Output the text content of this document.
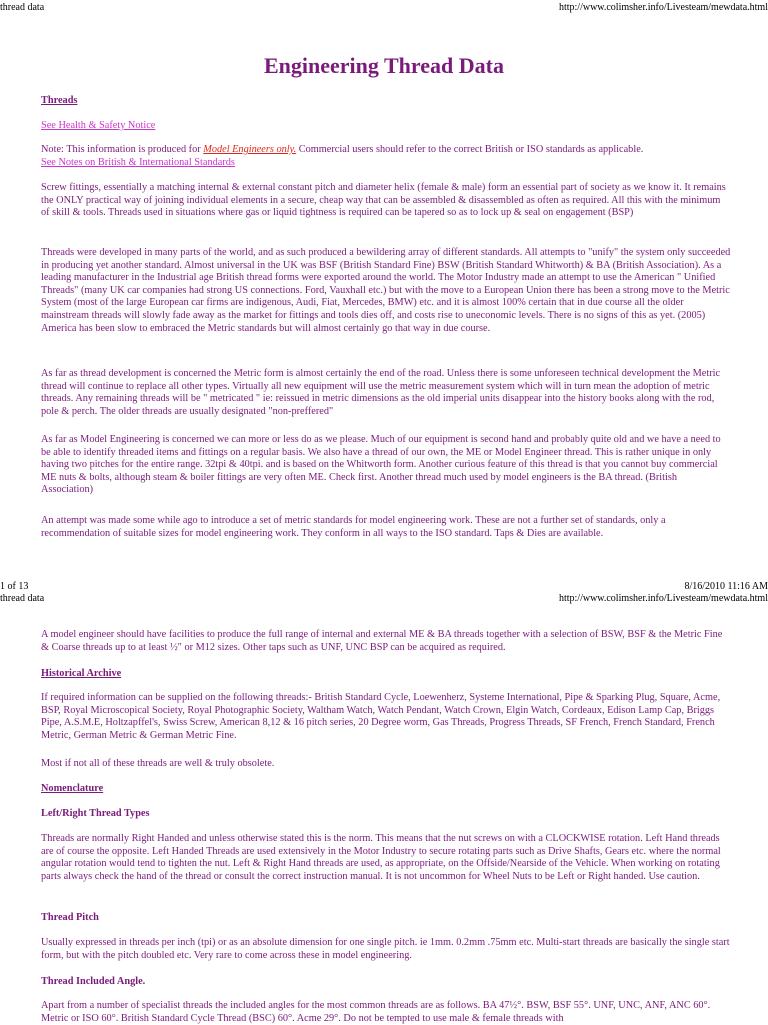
thread data	http://www.colimsher.info/Livesteam/mewdata.html
Engineering Thread Data
Threads
See Health & Safety Notice
Note: This information is produced for Model Engineers only. Commercial users should refer to the correct British or ISO standards as applicable.
See Notes on British & International Standards
Screw fittings, essentially a matching internal & external constant pitch and diameter helix (female & male) form an essential part of society as we know it. It remains the ONLY practical way of joining individual elements in a secure, cheap way that can be assembled & disassembled as often as required. All this with the minimum of skill & tools. Threads used in situations where gas or liquid tightness is required can be tapered so as to lock up & seal on engagement (BSP)
Threads were developed in many parts of the world, and as such produced a bewildering array of different standards. All attempts to "unify" the system only succeeded in producing yet another standard. Almost universal in the UK was BSF (British Standard Fine) BSW (British Standard Whitworth) & BA (British Association). As a leading manufacturer in the Industrial age British thread forms were exported around the world. The Motor Industry made an attempt to use the American " Unified Threads" (many UK car companies had strong US connections. Ford, Vauxhall etc.) but with the move to a European Union there has been a strong move to the Metric System (most of the large European car firms are indigenous, Audi, Fiat, Mercedes, BMW) etc. and it is almost 100% certain that in due course all the older mainstream threads will slowly fade away as the market for fittings and tools dies off, and costs rise to uneconomic levels. There is no signs of this as yet. (2005) America has been slow to embraced the Metric standards but will almost certainly go that way in due course.
As far as thread development is concerned the Metric form is almost certainly the end of the road. Unless there is some unforeseen technical development the Metric thread will continue to replace all other types. Virtually all new equipment will use the metric measurement system which will in turn mean the adoption of metric threads. Any remaining threads will be " metricated " ie: reissued in metric dimensions as the old imperial units disappear into the history books along with the rod, pole & perch. The older threads are usually designated "non-preffered"
As far as Model Engineering is concerned we can more or less do as we please. Much of our equipment is second hand and probably quite old and we have a need to be able to identify threaded items and fittings on a regular basis. We also have a thread of our own, the ME or Model Engineer thread. This is rather unique in only having two pitches for the entire range. 32tpi & 40tpi. and is based on the Whitworth form. Another curious feature of this thread is that you cannot buy commercial ME nuts & bolts, although steam & boiler fittings are very often ME. Check first. Another thread much used by model engineers is the BA thread. (British Association)
An attempt was made some while ago to introduce a set of metric standards for model engineering work. These are not a further set of standards, only a recommendation of suitable sizes for model engineering work. They conform in all ways to the ISO standard. Taps & Dies are available.
1 of 13	8/16/2010 11:16 AM
thread data	http://www.colimsher.info/Livesteam/mewdata.html
A model engineer should have facilities to produce the full range of internal and external ME & BA threads together with a selection of BSW, BSF & the Metric Fine & Coarse threads up to at least ½" or M12 sizes. Other taps such as UNF, UNC BSP can be acquired as required.
Historical Archive
If required information can be supplied on the following threads:- British Standard Cycle, Loewenherz, Systeme International, Pipe & Sparking Plug, Square, Acme, BSP, Royal Microscopical Society, Royal Photographic Society, Waltham Watch, Watch Pendant, Watch Crown, Elgin Watch, Cordeaux, Edison Lamp Cap, Briggs Pipe, A.S.M.E, Holtzapffel's, Swiss Screw, American 8,12 & 16 pitch series, 20 Degree worm, Gas Threads, Progress Threads, SF French, French Standard, French Metric, German Metric & German Metric Fine.
Most if not all of these threads are well & truly obsolete.
Nomenclature
Left/Right Thread Types
Threads are normally Right Handed and unless otherwise stated this is the norm. This means that the nut screws on with a CLOCKWISE rotation. Left Hand threads are of course the opposite. Left Handed Threads are used extensively in the Motor Industry to secure rotating parts such as Drive Shafts, Gears etc. where the normal angular rotation would tend to tighten the nut. Left & Right Hand threads are used, as appropriate, on the Offside/Nearside of the Vehicle. When working on rotating parts always check the hand of the thread or consult the correct instruction manual. It is not uncommon for Wheel Nuts to be Left or Right handed. Use caution.
Thread Pitch
Usually expressed in threads per inch (tpi) or as an absolute dimension for one single pitch. ie 1mm. 0.2mm .75mm etc. Multi-start threads are basically the single start form, but with the pitch doubled etc. Very rare to come across these in model engineering.
Thread Included Angle.
Apart from a number of specialist threads the included angles for the most common threads are as follows. BA 47½°. BSW, BSF 55°. UNF, UNC, ANF, ANC 60°. Metric or ISO 60°. British Standard Cycle Thread (BSC) 60°. Acme 29°. Do not be tempted to use male & female threads with
